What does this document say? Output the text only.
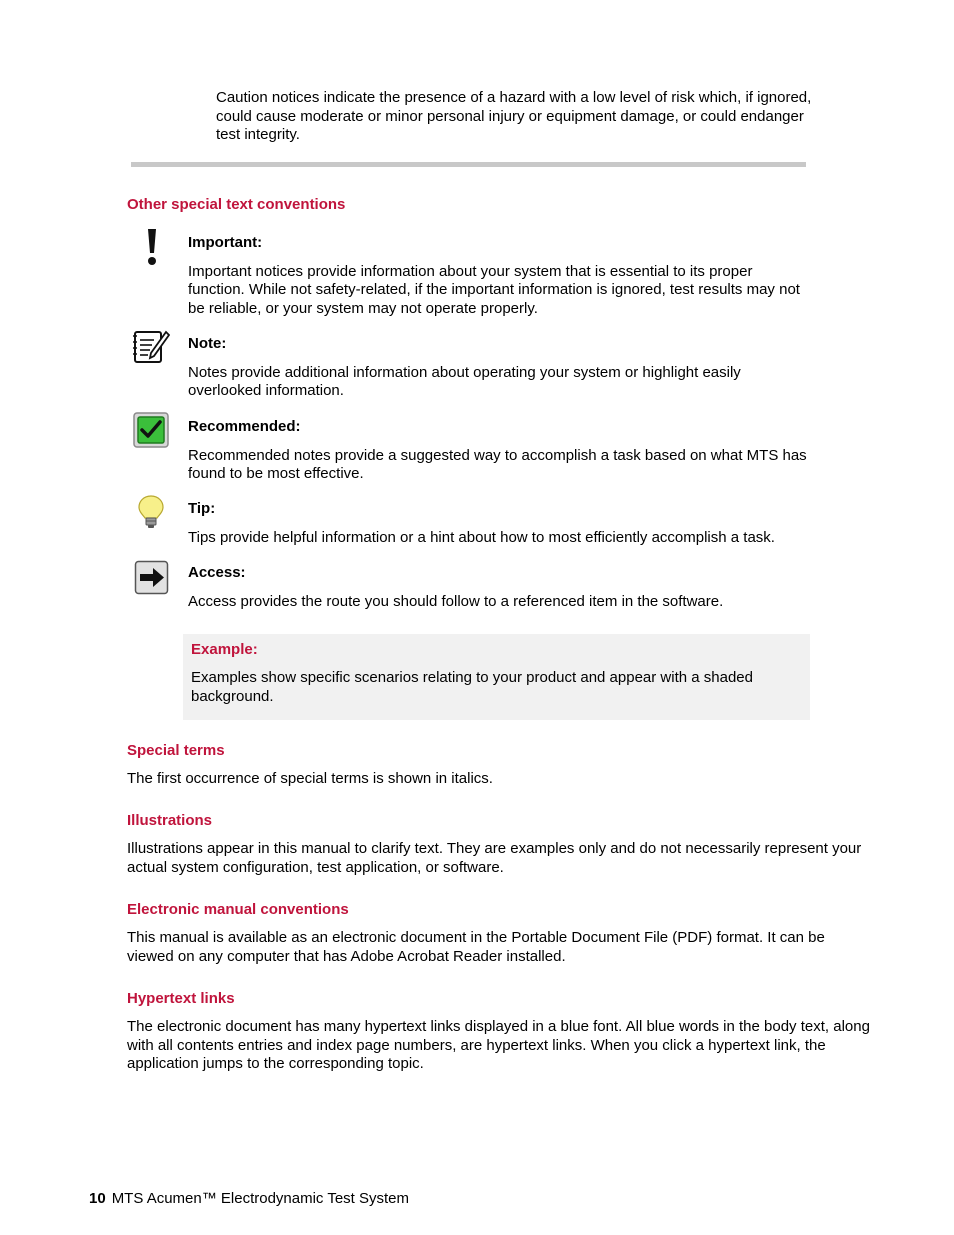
Caution notices indicate the presence of a hazard with a low level of risk which, if ignored, could cause moderate or minor personal injury or equipment damage, or could endanger test integrity.

Other special text conventions

Important:

Important notices provide information about your system that is essential to its proper function. While not safety-related, if the important information is ignored, test results may not be reliable, or your system may not operate properly.

Note:

Notes provide additional information about operating your system or highlight easily overlooked information.

Recommended:

Recommended notes provide a suggested way to accomplish a task based on what MTS has found to be most effective.

Tip:

Tips provide helpful information or a hint about how to most efficiently accomplish a task.

Access:

Access provides the route you should follow to a referenced item in the software.

Example:

Examples show specific scenarios relating to your product and appear with a shaded background.

Special terms

The first occurrence of special terms is shown in italics.

Illustrations

Illustrations appear in this manual to clarify text. They are examples only and do not necessarily represent your actual system configuration, test application, or software.

Electronic manual conventions

This manual is available as an electronic document in the Portable Document File (PDF) format. It can be viewed on any computer that has Adobe Acrobat Reader installed.

Hypertext links

The electronic document has many hypertext links displayed in a blue font. All blue words in the body text, along with all contents entries and index page numbers, are hypertext links. When you click a hypertext link, the application jumps to the corresponding topic.

10 MTS Acumen™ Electrodynamic Test System
